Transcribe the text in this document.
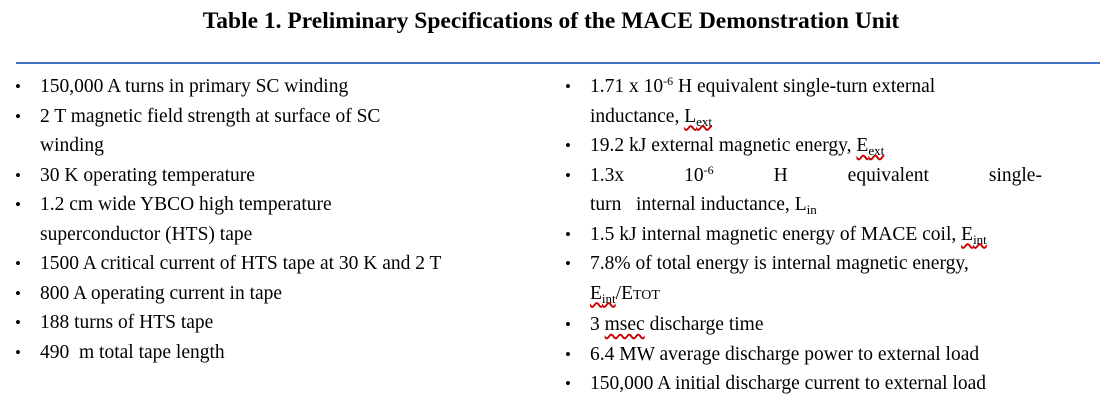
Table 1. Preliminary Specifications of the MACE Demonstration Unit
• 150,000 A turns in primary SC winding
• 2 T magnetic field strength at surface of SC
winding
• 30 K operating temperature
• 1.2 cm wide YBCO high temperature
superconductor (HTS) tape
• 1500 A critical current of HTS tape at 30 K and 2 T
• 800 A operating current in tape
• 188 turns of HTS tape
• 490  m total tape length
• 1.71 x $10^{-6}$ H equivalent single-turn external
inductance, $L_{ext}$
• 19.2 kJ external magnetic energy, $E_{ext}$
• 1.3x	$10^{-6}$	H	equivalent	single-
turn   internal inductance, $L_{in}$
• 1.5 kJ internal magnetic energy of MACE coil, $E_{int}$
• 7.8% of total energy is internal magnetic energy,
$E_{int}$/ETOT
• 3 msec discharge time
• 6.4 MW average discharge power to external load
• 150,000 A initial discharge current to external load
